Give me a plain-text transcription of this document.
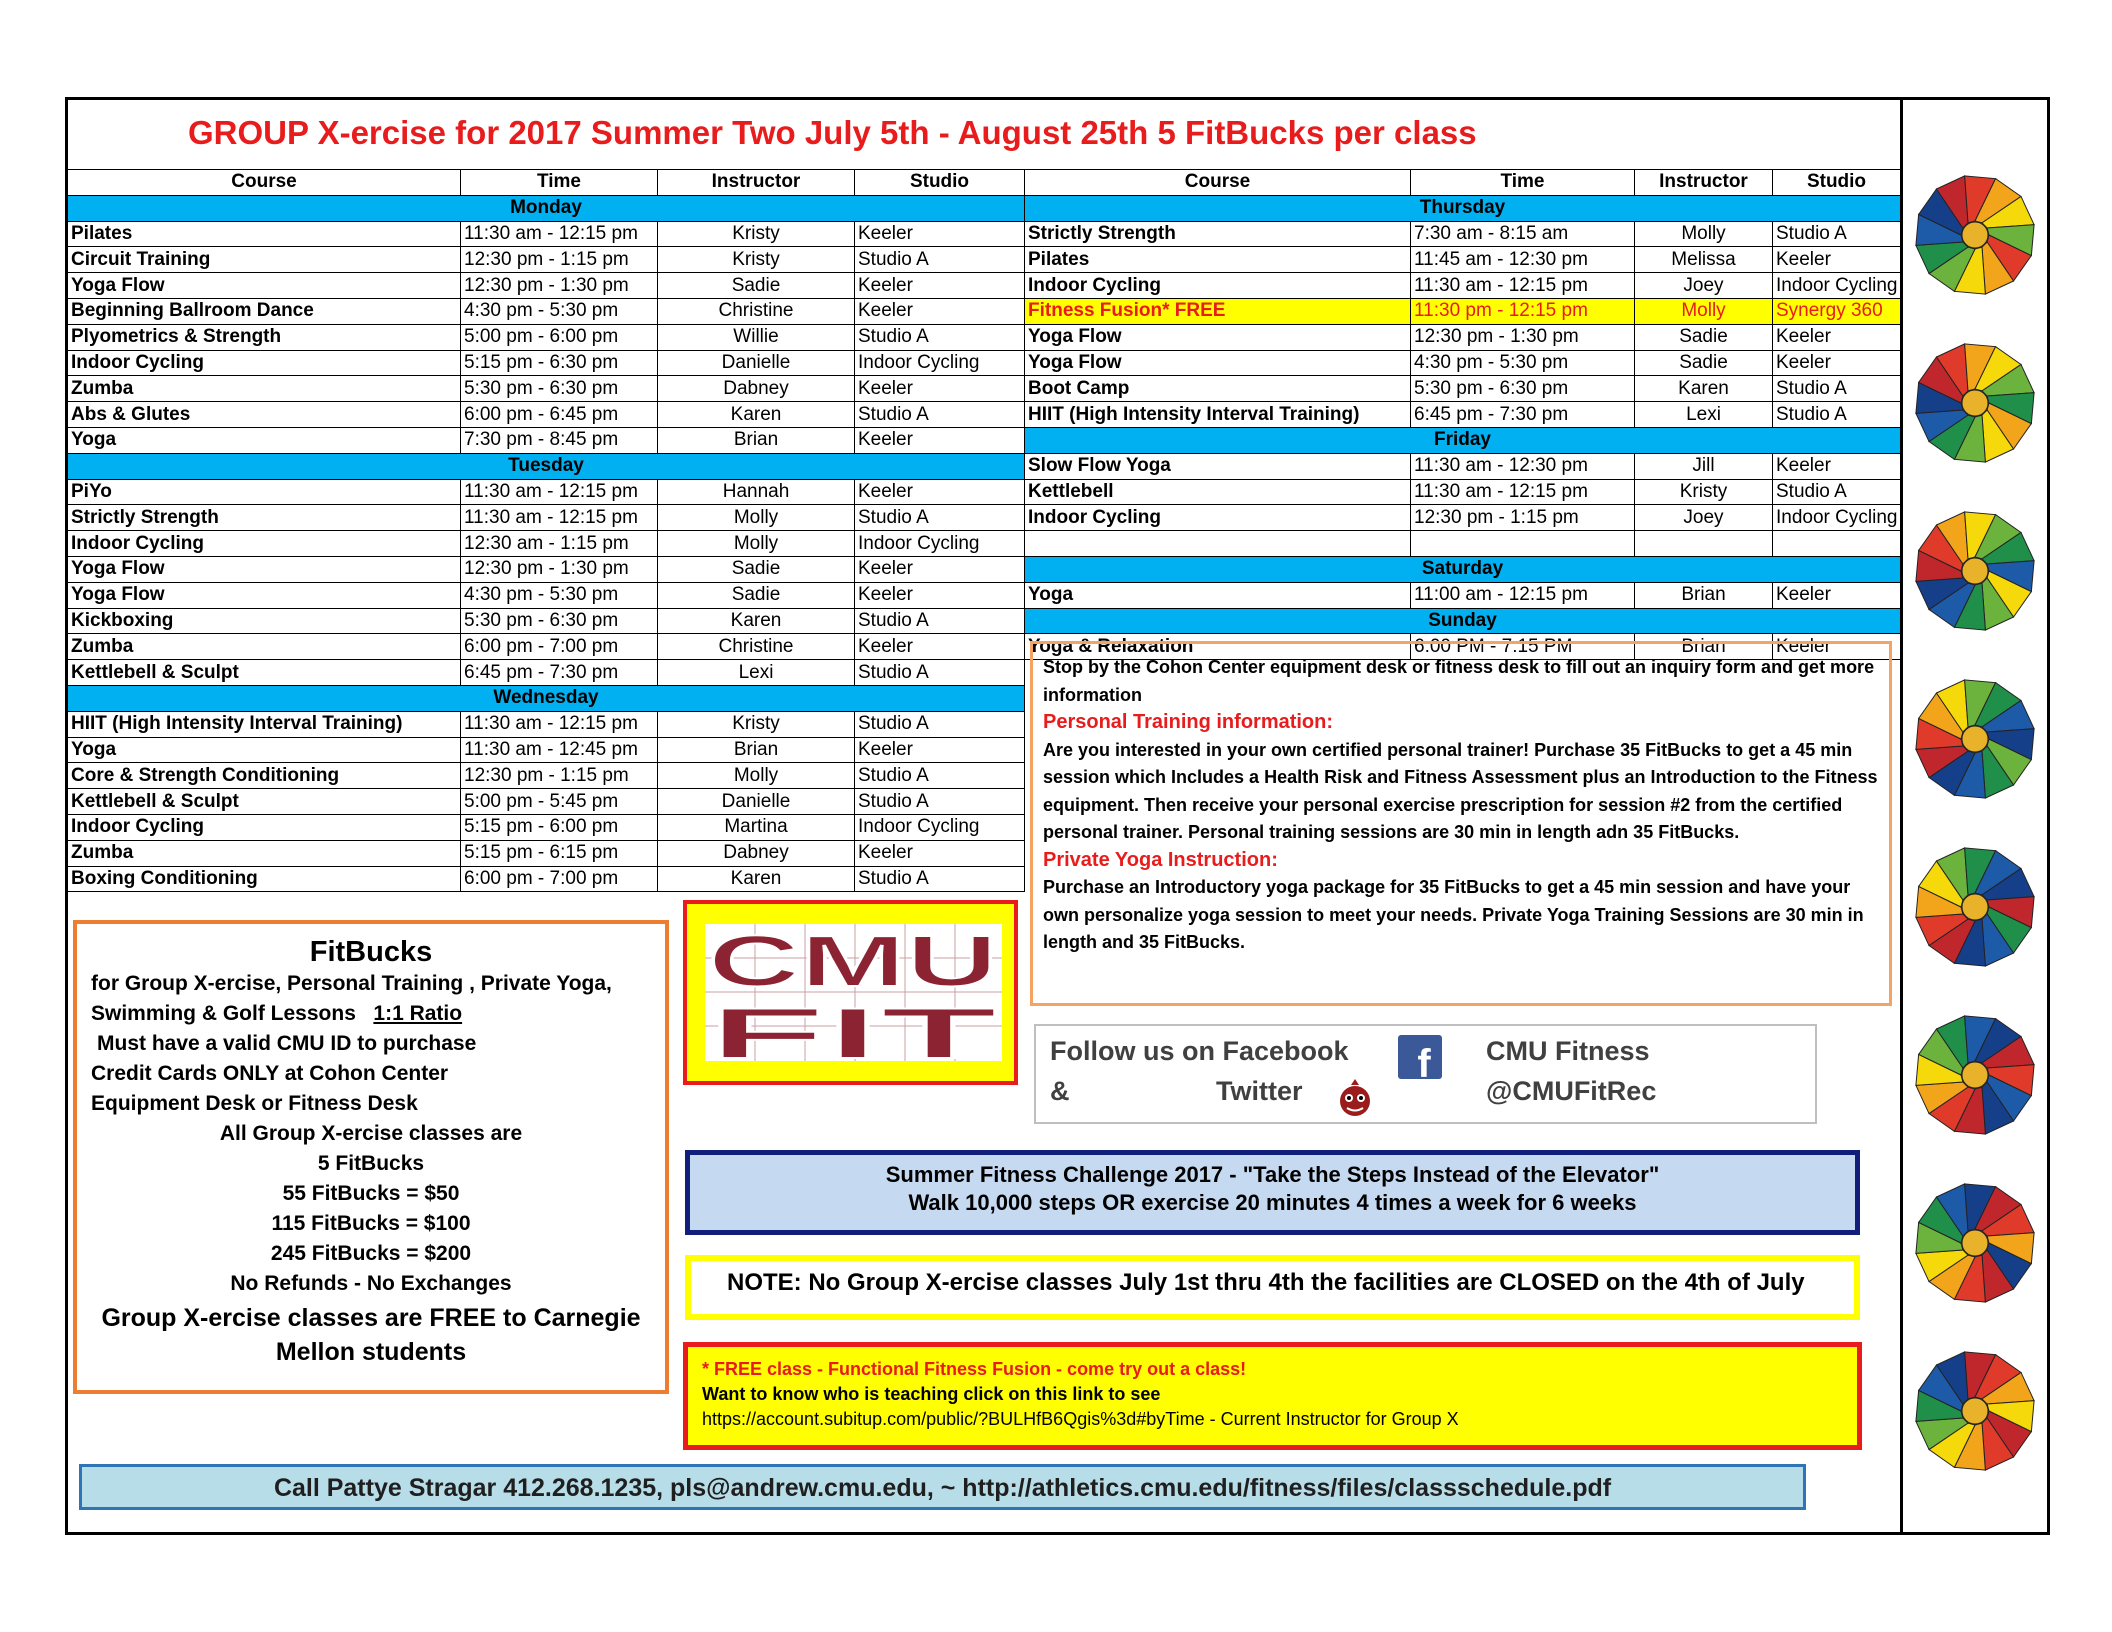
GROUP X-ercise for 2017 Summer Two July 5th - August 25th 5 FitBucks per class
Course	Time	Instructor	Studio
Monday			
Pilates	11:30 am - 12:15 pm	Kristy	Keeler
Circuit Training	12:30 pm - 1:15 pm	Kristy	Studio A
Yoga Flow	12:30 pm - 1:30 pm	Sadie	Keeler
Beginning Ballroom Dance	4:30 pm - 5:30 pm	Christine	Keeler
Plyometrics & Strength	5:00 pm - 6:00 pm	Willie	Studio A
Indoor Cycling	5:15 pm - 6:30 pm	Danielle	Indoor Cycling
Zumba	5:30 pm - 6:30 pm	Dabney	Keeler
Abs & Glutes	6:00 pm - 6:45 pm	Karen	Studio A
Yoga	7:30 pm - 8:45 pm	Brian	Keeler
Tuesday			
PiYo	11:30 am - 12:15 pm	Hannah	Keeler
Strictly Strength	11:30 am - 12:15 pm	Molly	Studio A
Indoor Cycling	12:30 am - 1:15 pm	Molly	Indoor Cycling
Yoga Flow	12:30 pm - 1:30 pm	Sadie	Keeler
Yoga Flow	4:30 pm - 5:30 pm	Sadie	Keeler
Kickboxing	5:30 pm - 6:30 pm	Karen	Studio A
Zumba	6:00 pm - 7:00 pm	Christine	Keeler
Kettlebell & Sculpt	6:45 pm - 7:30 pm	Lexi	Studio A
Wednesday			
HIIT (High Intensity Interval Training)	11:30 am - 12:15 pm	Kristy	Studio A
Yoga	11:30 am - 12:45 pm	Brian	Keeler
Core & Strength Conditioning	12:30 pm - 1:15 pm	Molly	Studio A
Kettlebell & Sculpt	5:00 pm - 5:45 pm	Danielle	Studio A
Indoor Cycling	5:15 pm - 6:00 pm	Martina	Indoor Cycling
Zumba	5:15 pm - 6:15 pm	Dabney	Keeler
Boxing Conditioning	6:00 pm - 7:00 pm	Karen	Studio A
Course	Time	Instructor	Studio
Thursday			
Strictly Strength	7:30 am - 8:15 am	Molly	Studio A
Pilates	11:45 am - 12:30 pm	Melissa	Keeler
Indoor Cycling	11:30 am - 12:15 pm	Joey	Indoor Cycling
Fitness Fusion* FREE	11:30 pm - 12:15 pm	Molly	Synergy 360
Yoga Flow	12:30 pm - 1:30 pm	Sadie	Keeler
Yoga Flow	4:30 pm - 5:30 pm	Sadie	Keeler
Boot Camp	5:30 pm - 6:30 pm	Karen	Studio A
HIIT (High Intensity Interval Training)	6:45 pm - 7:30 pm	Lexi	Studio A
Friday			
Slow Flow Yoga	11:30 am - 12:30 pm	Jill	Keeler
Kettlebell	11:30 am - 12:15 pm	Kristy	Studio A
Indoor Cycling	12:30 pm - 1:15 pm	Joey	Indoor Cycling

Saturday			
Yoga	11:00 am - 12:15 pm	Brian	Keeler
Sunday			
Yoga & Relaxation	6:00 PM - 7:15 PM	Brian	Keeler
FitBucks
for Group X-ercise, Personal Training , Private Yoga,
Swimming & Golf Lessons 1:1 Ratio
Must have a valid CMU ID to purchase
Credit Cards ONLY at Cohon Center
Equipment Desk or Fitness Desk
All Group X-ercise classes are
5 FitBucks
55 FitBucks = $50
115 FitBucks = $100
245 FitBucks = $200
No Refunds - No Exchanges
Group X-ercise classes are FREE to Carnegie Mellon students
CMU
FIT
Stop by the Cohon Center equipment desk or fitness desk to fill out an inquiry form and get more information
Personal Training information:
Are you interested in your own certified personal trainer! Purchase 35 FitBucks to get a 45 min session which Includes a Health Risk and Fitness Assessment plus an Introduction to the Fitness equipment. Then receive your personal exercise prescription for session #2 from the certified personal trainer. Personal training sessions are 30 min in length adn 35 FitBucks.
Private Yoga Instruction:
Purchase an Introductory yoga package for 35 FitBucks to get a 45 min session and have your own personalize yoga session to meet your needs. Private Yoga Training Sessions are 30 min in length and 35 FitBucks.
Follow us on Facebook
&	Twitter
f CMU Fitness
@CMUFitRec
Summer Fitness Challenge 2017 - "Take the Steps Instead of the Elevator"
Walk 10,000 steps OR exercise 20 minutes 4 times a week for 6 weeks
NOTE: No Group X-ercise classes July 1st thru 4th the facilities are CLOSED on the 4th of July
* FREE class - Functional Fitness Fusion - come try out a class!
Want to know who is teaching click on this link to see
https://account.subitup.com/public/?BULHfB6Qgis%3d#byTime - Current Instructor for Group X
Call Pattye Stragar 412.268.1235, pls@andrew.cmu.edu, ~ http://athletics.cmu.edu/fitness/files/classschedule.pdf
